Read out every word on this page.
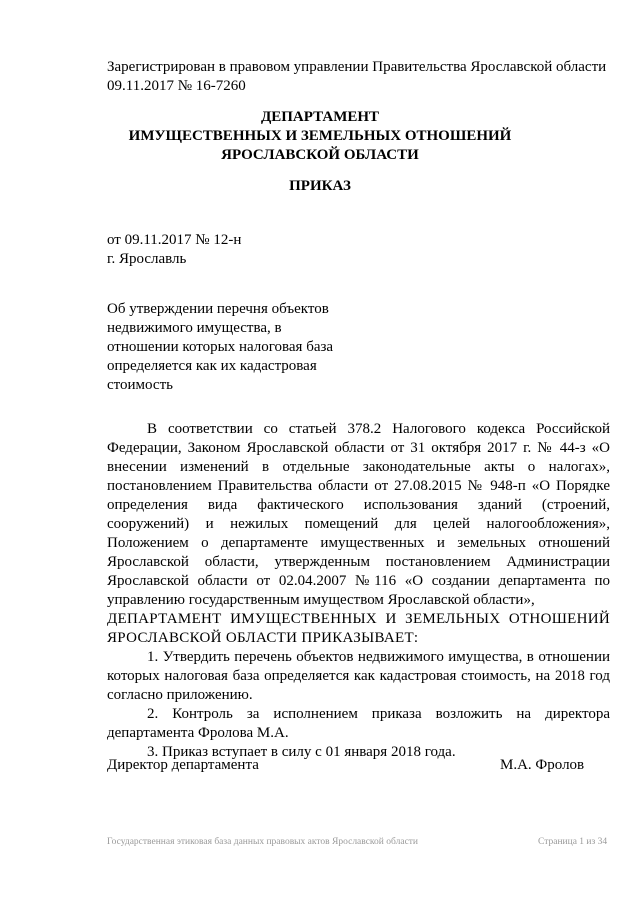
Зарегистрирован в правовом управлении Правительства Ярославской области
09.11.2017 № 16-7260
ДЕПАРТАМЕНТ
ИМУЩЕСТВЕННЫХ И ЗЕМЕЛЬНЫХ ОТНОШЕНИЙ
ЯРОСЛАВСКОЙ ОБЛАСТИ
ПРИКАЗ
от 09.11.2017 № 12-н
г. Ярославль
Об утверждении перечня объектов
недвижимого имущества, в
отношении которых налоговая база
определяется как их кадастровая
стоимость

В соответствии со статьей 378.2 Налогового кодекса Российской Федерации, Законом Ярославской области от 31 октября 2017 г. № 44-з «О внесении изменений в отдельные законодательные акты о налогах», постановлением Правительства области от 27.08.2015 № 948-п «О Порядке определения вида фактического использования зданий (строений, сооружений) и нежилых помещений для целей налогообложения», Положением о департаменте имущественных и земельных отношений Ярославской области, утвержденным постановлением Администрации Ярославской области от 02.04.2007 №116 «О создании департамента по управлению государственным имуществом Ярославской области»,

ДЕПАРТАМЕНТ ИМУЩЕСТВЕННЫХ И ЗЕМЕЛЬНЫХ ОТНОШЕНИЙ ЯРОСЛАВСКОЙ ОБЛАСТИ ПРИКАЗЫВАЕТ:

1. Утвердить перечень объектов недвижимого имущества, в отношении которых налоговая база определяется как кадастровая стоимость, на 2018 год согласно приложению.

2. Контроль за исполнением приказа возложить на директора департамента Фролова М.А.

3. Приказ вступает в силу с 01 января 2018 года.

Директор департамента	М.А. Фролов
Государственная этиковая база данных правовых актов Ярославской области	Страница 1 из 34
